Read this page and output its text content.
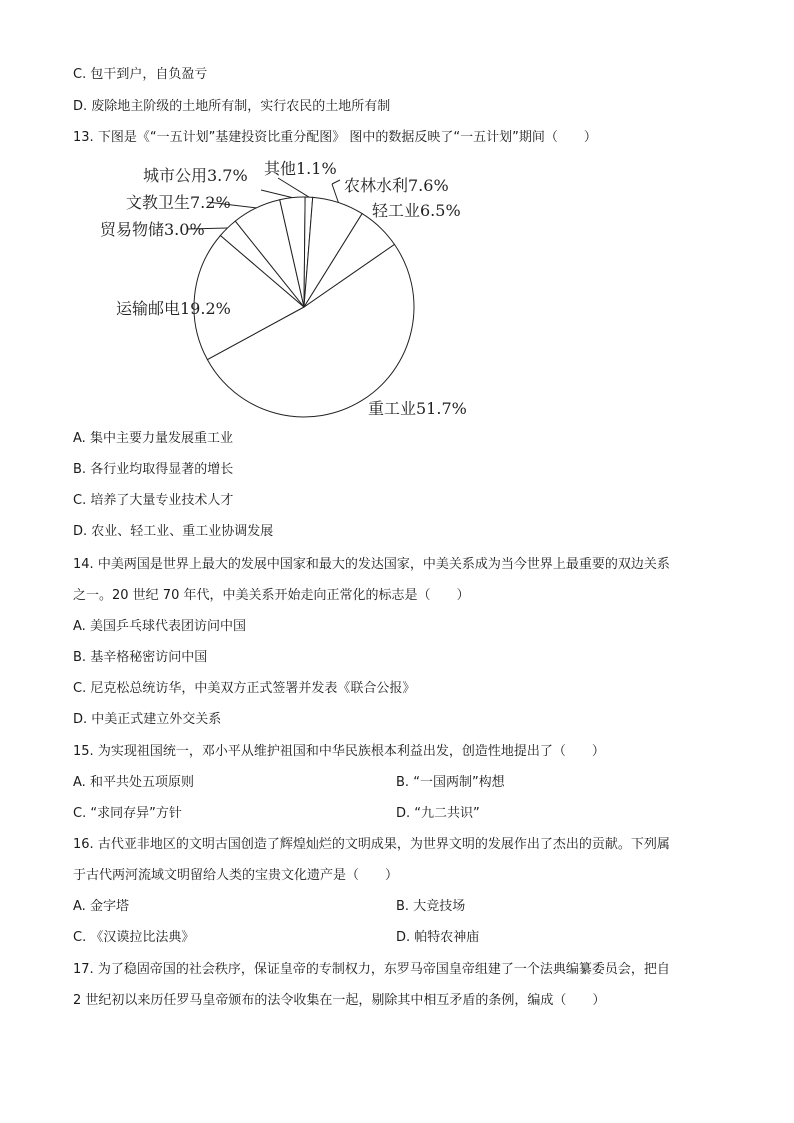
C. 包干到户，自负盈亏
D. 废除地主阶级的土地所有制，实行农民的土地所有制
13. 下图是《“一五计划”基建投资比重分配图》 图中的数据反映了“一五计划”期间（　　）
重工业51.7%
运输邮电19.2%
贸易物储3.0%
文教卫生7.2%
城市公用3.7% 其他1.1%
农林水利7.6%
轻工业6.5%
A. 集中主要力量发展重工业
B. 各行业均取得显著的增长
C. 培养了大量专业技术人才
D. 农业、轻工业、重工业协调发展
14. 中美两国是世界上最大的发展中国家和最大的发达国家，中美关系成为当今世界上最重要的双边关系
之一。20 世纪 70 年代，中美关系开始走向正常化的标志是（　　）
A. 美国乒乓球代表团访问中国
B. 基辛格秘密访问中国
C. 尼克松总统访华，中美双方正式签署并发表《联合公报》
D. 中美正式建立外交关系
15. 为实现祖国统一，邓小平从维护祖国和中华民族根本利益出发，创造性地提出了（　　）
A. 和平共处五项原则	B. “一国两制”构想
C. “求同存异”方针	D. “九二共识”
16. 古代亚非地区的文明古国创造了辉煌灿烂的文明成果，为世界文明的发展作出了杰出的贡献。下列属
于古代两河流域文明留给人类的宝贵文化遗产是（　　）
A. 金字塔	B. 大竞技场
C. 《汉谟拉比法典》	D. 帕特农神庙
17. 为了稳固帝国的社会秩序，保证皇帝的专制权力，东罗马帝国皇帝组建了一个法典编纂委员会，把自
2 世纪初以来历任罗马皇帝颁布的法令收集在一起，剔除其中相互矛盾的条例，编成（　　）
